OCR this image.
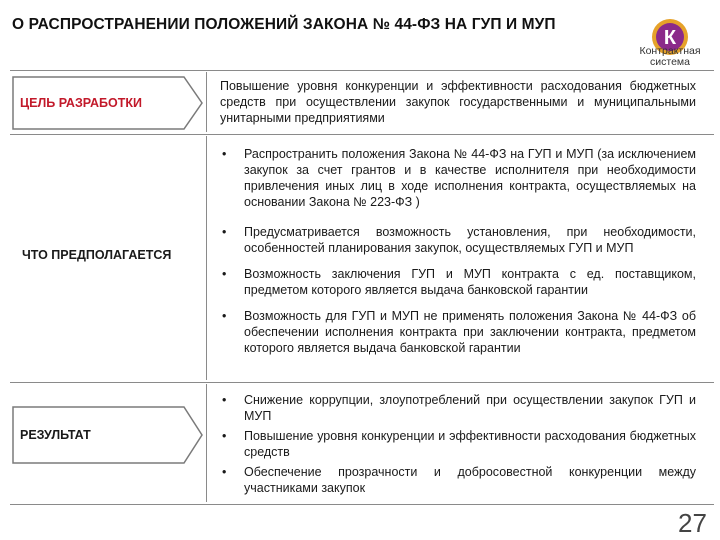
О РАСПРОСТРАНЕНИИ ПОЛОЖЕНИЙ ЗАКОНА № 44-ФЗ НА ГУП И МУП
К
Контрактная
система
ЦЕЛЬ РАЗРАБОТКИ
Повышение уровня конкуренции и эффективности расходования бюджетных средств при осуществлении закупок государственными и муниципальными унитарными предприятиями
ЧТО ПРЕДПОЛАГАЕТСЯ
• Распространить положения Закона № 44-ФЗ на ГУП и МУП (за исключением закупок за счет грантов и в качестве исполнителя при необходимости привлечения иных лиц в ходе исполнения контракта, осуществляемых на основании Закона № 223-ФЗ )
• Предусматривается возможность установления, при необходимости, особенностей планирования закупок, осуществляемых ГУП и МУП
• Возможность заключения ГУП и МУП контракта с ед. поставщиком, предметом которого является выдача банковской гарантии
• Возможность для ГУП и МУП не применять положения Закона № 44-ФЗ об обеспечении исполнения контракта при заключении контракта, предметом которого является выдача банковской гарантии
РЕЗУЛЬТАТ
• Снижение коррупции, злоупотреблений при осуществлении закупок ГУП и МУП
• Повышение уровня конкуренции и эффективности расходования бюджетных средств
• Обеспечение прозрачности и добросовестной конкуренции между участниками закупок
27
